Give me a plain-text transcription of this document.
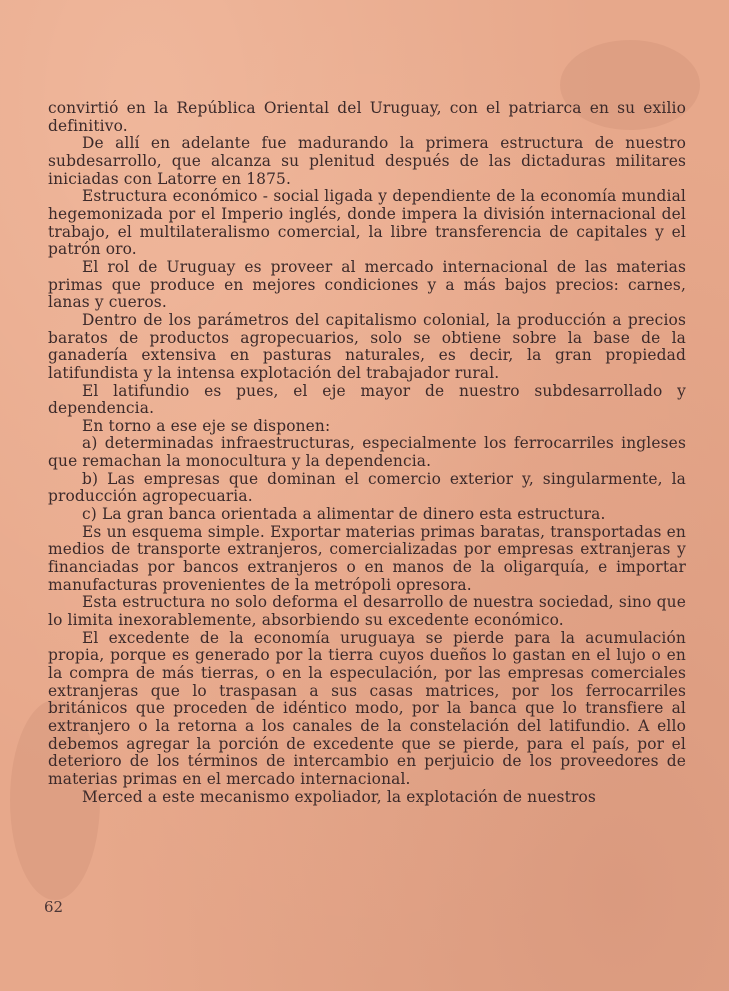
convirtió en la República Oriental del Uruguay, con el patriarca en su exilio definitivo.

De allí en adelante fue madurando la primera estructura de nuestro subdesarrollo, que alcanza su plenitud después de las dictaduras militares iniciadas con Latorre en 1875.

Estructura económico - social ligada y dependiente de la economía mundial hegemonizada por el Imperio inglés, donde impera la división internacional del trabajo, el multilateralismo comercial, la libre transferencia de capitales y el patrón oro.

El rol de Uruguay es proveer al mercado internacional de las materias primas que produce en mejores condiciones y a más bajos precios: carnes, lanas y cueros.

Dentro de los parámetros del capitalismo colonial, la producción a precios baratos de productos agropecuarios, solo se obtiene sobre la base de la ganadería extensiva en pasturas naturales, es decir, la gran propiedad latifundista y la intensa explotación del trabajador rural.

El latifundio es pues, el eje mayor de nuestro subdesarrollado y dependencia.

En torno a ese eje se disponen:

a) determinadas infraestructuras, especialmente los ferrocarriles ingleses que remachan la monocultura y la dependencia.

b) Las empresas que dominan el comercio exterior y, singularmente, la producción agropecuaria.

c) La gran banca orientada a alimentar de dinero esta estructura.

Es un esquema simple. Exportar materias primas baratas, transportadas en medios de transporte extranjeros, comercializadas por empresas extranjeras y financiadas por bancos extranjeros o en manos de la oligarquía, e importar manufacturas provenientes de la metrópoli opresora.

Esta estructura no solo deforma el desarrollo de nuestra sociedad, sino que lo limita inexorablemente, absorbiendo su excedente económico.

El excedente de la economía uruguaya se pierde para la acumulación propia, porque es generado por la tierra cuyos dueños lo gastan en el lujo o en la compra de más tierras, o en la especulación, por las empresas comerciales extranjeras que lo traspasan a sus casas matrices, por los ferrocarriles británicos que proceden de idéntico modo, por la banca que lo transfiere al extranjero o la retorna a los canales de la constelación del latifundio. A ello debemos agregar la porción de excedente que se pierde, para el país, por el deterioro de los términos de intercambio en perjuicio de los proveedores de materias primas en el mercado internacional.

Merced a este mecanismo expoliador, la explotación de nuestros

62
